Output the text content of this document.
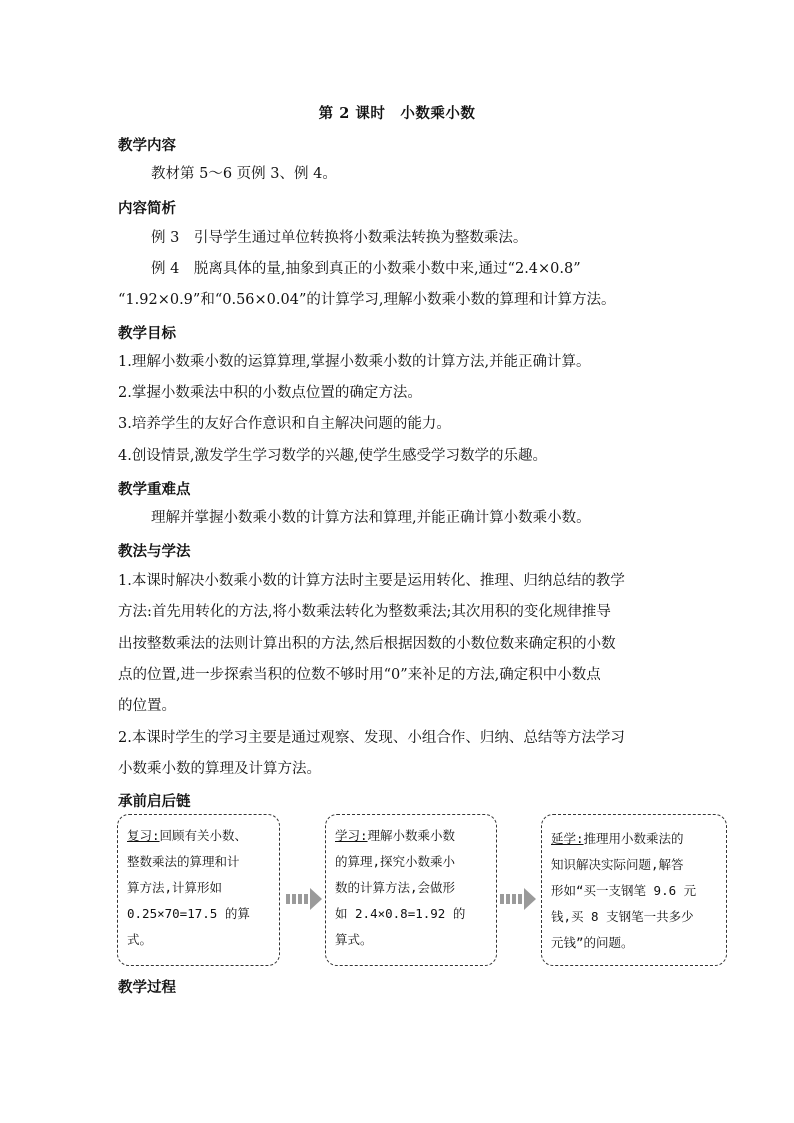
第 2 课时　小数乘小数
教学内容
教材第 5～6 页例 3、例 4。
内容简析
例 3　引导学生通过单位转换将小数乘法转换为整数乘法。
例 4　脱离具体的量,抽象到真正的小数乘小数中来,通过“2.4×0.8”
“1.92×0.9”和“0.56×0.04”的计算学习,理解小数乘小数的算理和计算方法。
教学目标
1.理解小数乘小数的运算算理,掌握小数乘小数的计算方法,并能正确计算。
2.掌握小数乘法中积的小数点位置的确定方法。
3.培养学生的友好合作意识和自主解决问题的能力。
4.创设情景,激发学生学习数学的兴趣,使学生感受学习数学的乐趣。
教学重难点
理解并掌握小数乘小数的计算方法和算理,并能正确计算小数乘小数。
教法与学法
1.本课时解决小数乘小数的计算方法时主要是运用转化、推理、归纳总结的教学
方法:首先用转化的方法,将小数乘法转化为整数乘法;其次用积的变化规律推导
出按整数乘法的法则计算出积的方法,然后根据因数的小数位数来确定积的小数
点的位置,进一步探索当积的位数不够时用“0”来补足的方法,确定积中小数点
的位置。
2.本课时学生的学习主要是通过观察、发现、小组合作、归纳、总结等方法学习
小数乘小数的算理及计算方法。
承前启后链
复习:回顾有关小数、
整数乘法的算理和计
算方法,计算形如
0.25×70=17.5 的算
式。
学习:理解小数乘小数
的算理,探究小数乘小
数的计算方法,会做形
如 2.4×0.8=1.92 的
算式。
延学:推理用小数乘法的
知识解决实际问题,解答
形如“买一支钢笔 9.6 元
钱,买 8 支钢笔一共多少
元钱”的问题。
教学过程
